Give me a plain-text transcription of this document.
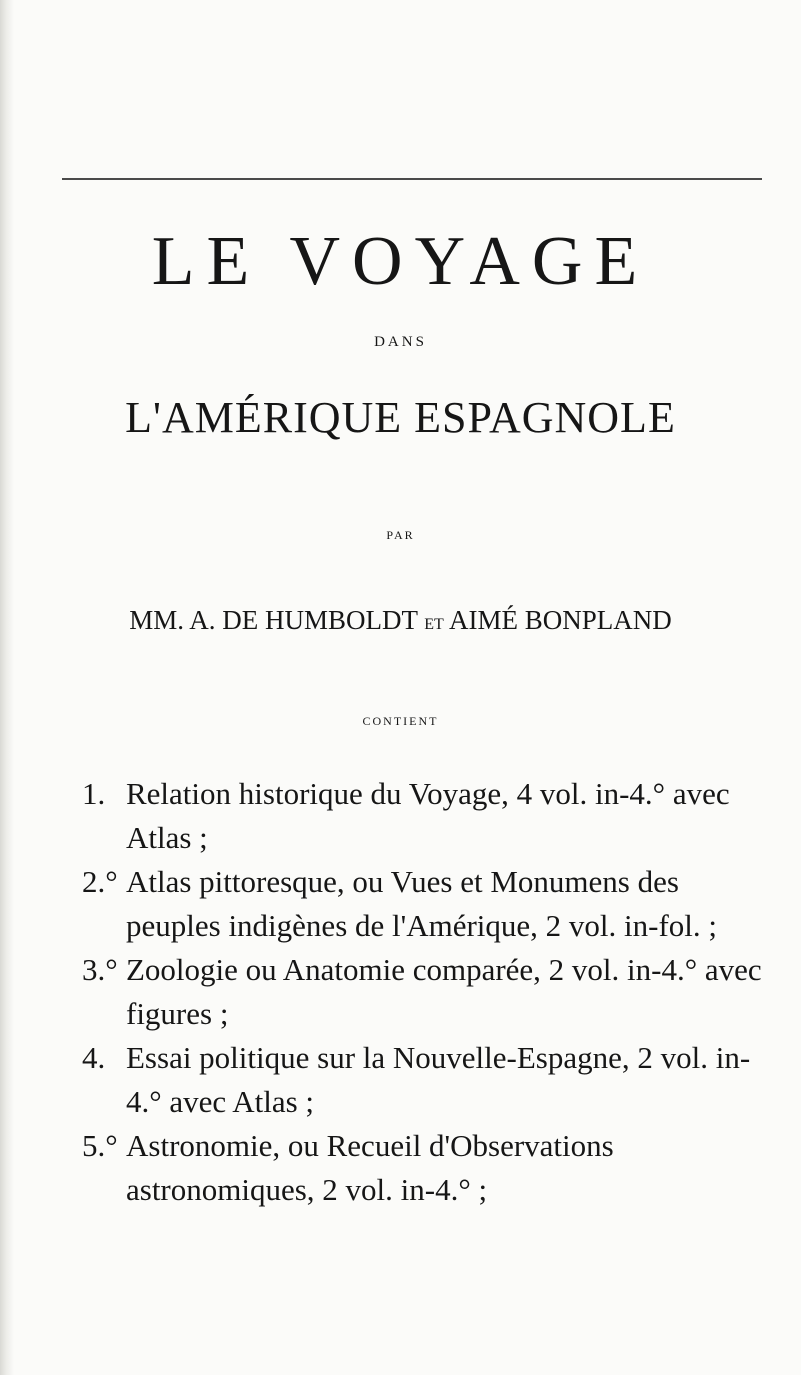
LE VOYAGE
DANS
L'AMÉRIQUE ESPAGNOLE
PAR
MM. A. DE HUMBOLDT ET AIMÉ BONPLAND
CONTIENT

1. Relation historique du Voyage, 4 vol. in-4.° avec Atlas ;

2.° Atlas pittoresque, ou Vues et Monumens des peuples indigènes de l'Amérique, 2 vol. in-fol. ;

3.° Zoologie ou Anatomie comparée, 2 vol. in-4.° avec figures ;

4. Essai politique sur la Nouvelle-Espagne, 2 vol. in-4.° avec Atlas ;

5.° Astronomie, ou Recueil d'Observations astronomiques, 2 vol. in-4.° ;
